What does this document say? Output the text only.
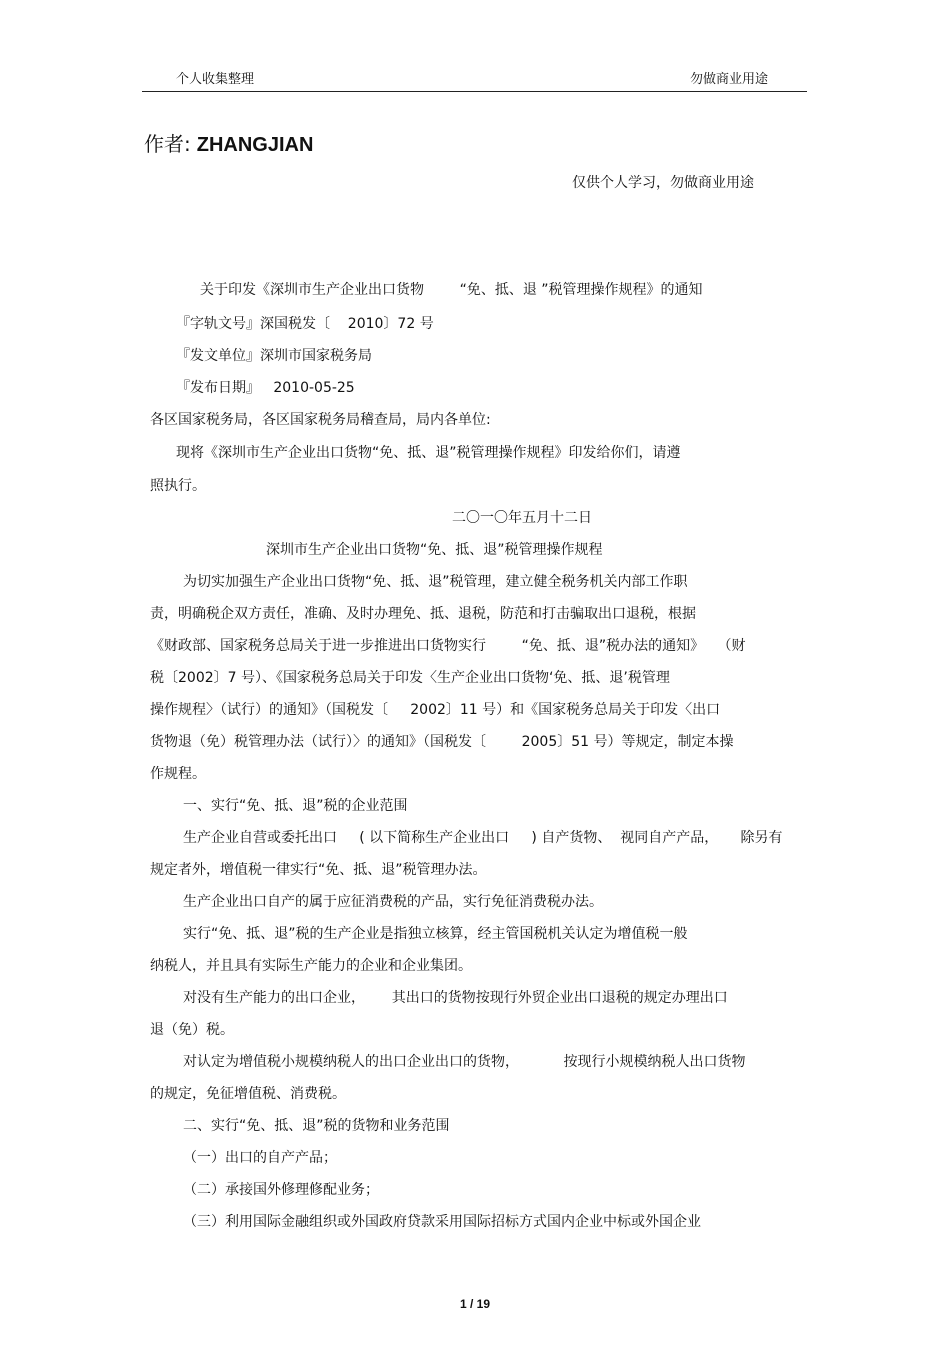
个人收集整理	勿做商业用途
作者: ZHANGJIAN
仅供个人学习，勿做商业用途
关于印发《深圳市生产企业出口货物        “免、抵、退 ”税管理操作规程》的通知
『字轨文号』深国税发〔    2010〕72 号
『发文单位』深圳市国家税务局
『发布日期』   2010-05-25
各区国家税务局，各区国家税务局稽查局，局内各单位:
现将《深圳市生产企业出口货物“免、抵、退”税管理操作规程》印发给你们，请遵
照执行。
二〇一〇年五月十二日
深圳市生产企业出口货物“免、抵、退”税管理操作规程
为切实加强生产企业出口货物“免、抵、退”税管理，建立健全税务机关内部工作职
责，明确税企双方责任，准确、及时办理免、抵、退税，防范和打击骗取出口退税，根据
《财政部、国家税务总局关于进一步推进出口货物实行        “免、抵、退”税办法的通知》   （财
税〔2002〕7 号）、《国家税务总局关于印发〈生产企业出口货物‘免、抵、退’税管理
操作规程〉（试行）的通知》（国税发〔     2002〕11 号）和《国家税务总局关于印发〈出口
货物退（免）税管理办法（试行）〉的通知》（国税发〔        2005〕51 号）等规定，制定本操
作规程。
一、实行“免、抵、退”税的企业范围
生产企业自营或委托出口     ( 以下简称生产企业出口     ) 自产货物、  视同自产产品，     除另有
规定者外，增值税一律实行“免、抵、退”税管理办法。
生产企业出口自产的属于应征消费税的产品，实行免征消费税办法。
实行“免、抵、退”税的生产企业是指独立核算，经主管国税机关认定为增值税一般
纳税人，并且具有实际生产能力的企业和企业集团。
对没有生产能力的出口企业，      其出口的货物按现行外贸企业出口退税的规定办理出口
退（免）税。
对认定为增值税小规模纳税人的出口企业出口的货物，          按现行小规模纳税人出口货物
的规定，免征增值税、消费税。
二、实行“免、抵、退”税的货物和业务范围
（一）出口的自产产品；
（二）承接国外修理修配业务；
（三）利用国际金融组织或外国政府贷款采用国际招标方式国内企业中标或外国企业
1 / 19
